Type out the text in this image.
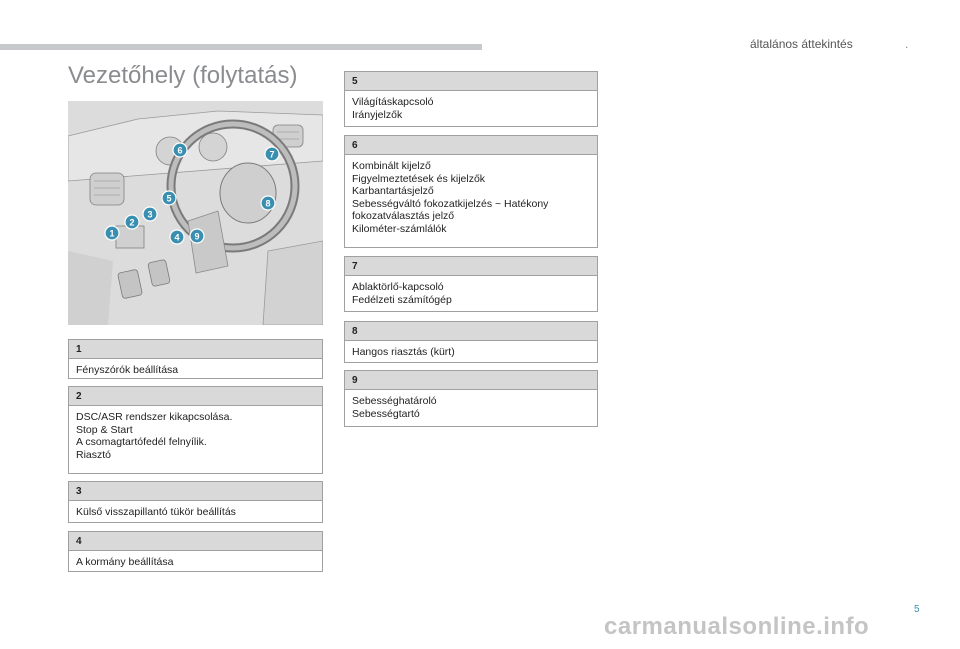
általános áttekintés	.
Vezetőhely (folytatás)
1
2
3
4
5
6	7
8
9
1
Fényszórók beállítása
2
DSC/ASR rendszer kikapcsolása.
Stop & Start
A csomagtartófedél felnyílik.
Riasztó
3
Külső visszapillantó tükör beállítás
4
A kormány beállítása
5
Világításkapcsoló
Irányjelzők
6
Kombinált kijelző
Figyelmeztetések és kijelzők
Karbantartásjelző
Sebességváltó fokozatkijelzés ~ Hatékony
fokozatválasztás jelző
Kilométer-számlálók
7
Ablaktörlő-kapcsoló
Fedélzeti számítógép
8
Hangos riasztás (kürt)
9
Sebességhatároló
Sebességtartó
5
carmanualsonline.info
